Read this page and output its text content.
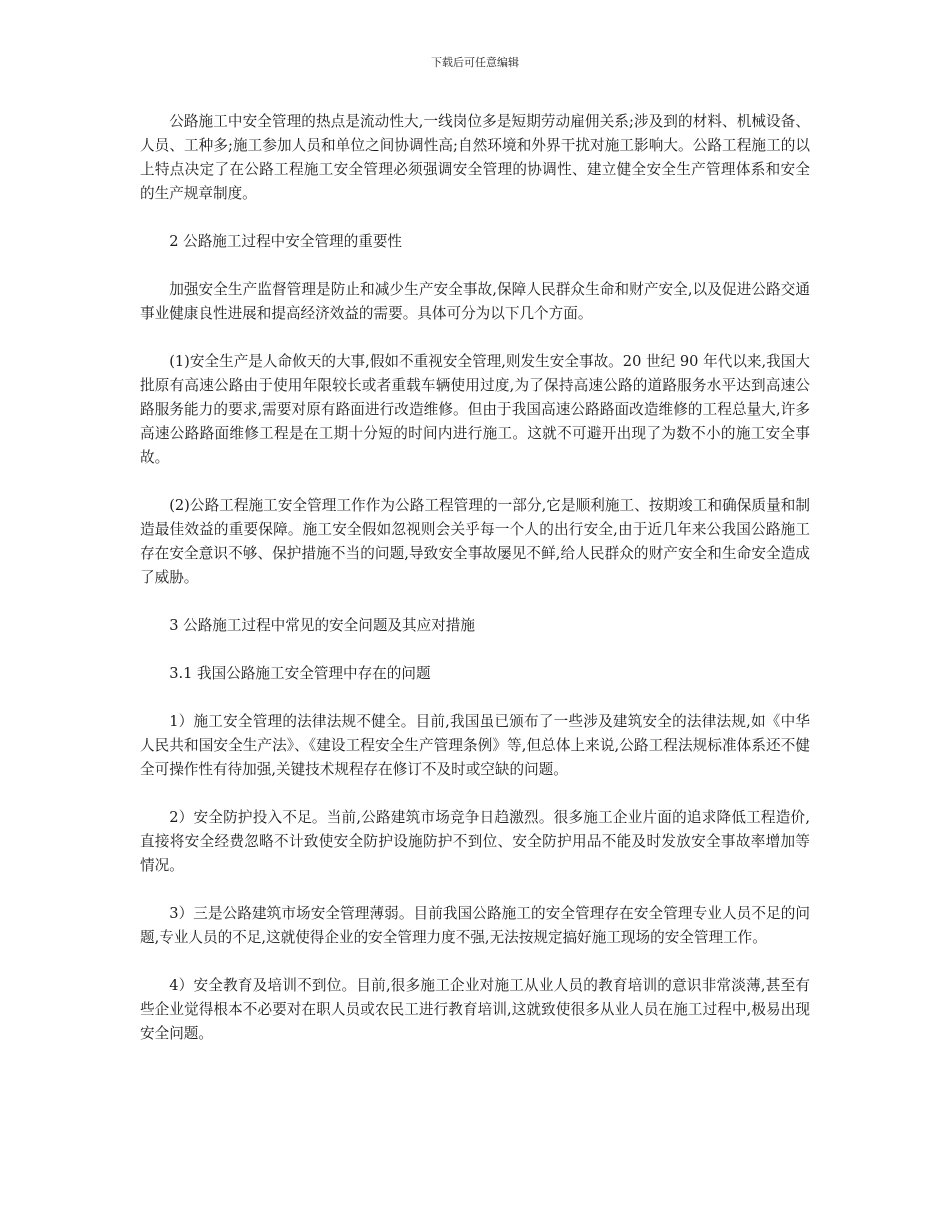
下载后可任意编辑

公路施工中安全管理的热点是流动性大,一线岗位多是短期劳动雇佣关系;涉及到的材料、机械设备、人员、工种多;施工参加人员和单位之间协调性高;自然环境和外界干扰对施工影响大。公路工程施工的以上特点决定了在公路工程施工安全管理必须强调安全管理的协调性、建立健全安全生产管理体系和安全的生产规章制度。

2 公路施工过程中安全管理的重要性

加强安全生产监督管理是防止和减少生产安全事故,保障人民群众生命和财产安全,以及促进公路交通事业健康良性进展和提高经济效益的需要。具体可分为以下几个方面。

(1)安全生产是人命攸天的大事,假如不重视安全管理,则发生安全事故。20 世纪 90 年代以来,我国大批原有高速公路由于使用年限较长或者重载车辆使用过度,为了保持高速公路的道路服务水平达到高速公路服务能力的要求,需要对原有路面进行改造维修。但由于我国高速公路路面改造维修的工程总量大,许多高速公路路面维修工程是在工期十分短的时间内进行施工。这就不可避开出现了为数不小的施工安全事故。

(2)公路工程施工安全管理工作作为公路工程管理的一部分,它是顺利施工、按期竣工和确保质量和制造最佳效益的重要保障。施工安全假如忽视则会关乎每一个人的出行安全,由于近几年来公我国公路施工存在安全意识不够、保护措施不当的问题,导致安全事故屡见不鲜,给人民群众的财产安全和生命安全造成了威胁。

3 公路施工过程中常见的安全问题及其应对措施

3.1 我国公路施工安全管理中存在的问题

1）施工安全管理的法律法规不健全。目前,我国虽已颁布了一些涉及建筑安全的法律法规,如《中华人民共和国安全生产法》、《建设工程安全生产管理条例》等,但总体上来说,公路工程法规标准体系还不健全可操作性有待加强,关键技术规程存在修订不及时或空缺的问题。

2）安全防护投入不足。当前,公路建筑市场竞争日趋激烈。很多施工企业片面的追求降低工程造价,直接将安全经费忽略不计致使安全防护设施防护不到位、安全防护用品不能及时发放安全事故率增加等情况。

3）三是公路建筑市场安全管理薄弱。目前我国公路施工的安全管理存在安全管理专业人员不足的问题,专业人员的不足,这就使得企业的安全管理力度不强,无法按规定搞好施工现场的安全管理工作。

4）安全教育及培训不到位。目前,很多施工企业对施工从业人员的教育培训的意识非常淡薄,甚至有些企业觉得根本不必要对在职人员或农民工进行教育培训,这就致使很多从业人员在施工过程中,极易出现安全问题。
